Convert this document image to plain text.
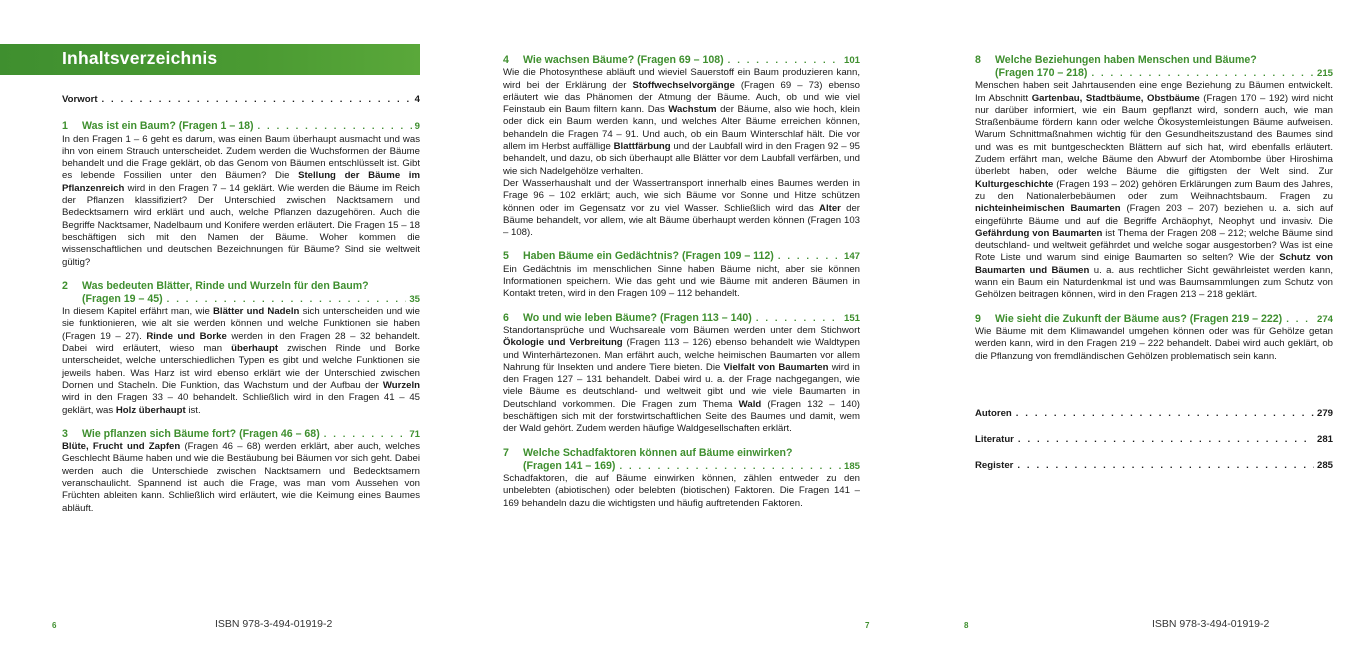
Inhaltsverzeichnis
Vorwort . . .	4
1 Was ist ein Baum? (Fragen 1 – 18) . . .	9
In den Fragen 1 – 6 geht es darum, was einen Baum überhaupt ausmacht und was ihn von einem Strauch unterscheidet. Zudem werden die Wuchsformen der Bäume behandelt und die Frage geklärt, ob das Genom von Bäumen entschlüsselt ist. Gibt es lebende Fossilien unter den Bäumen? Die Stellung der Bäume im Pflanzenreich wird in den Fragen 7 – 14 geklärt. Wie werden die Bäume im Reich der Pflanzen klassifiziert? Der Unterschied zwischen Nacktsamern und Bedecktsamern wird erklärt und auch, welche Pflanzen dazugehören. Auch die Begriffe Nacktsamer, Nadelbaum und Konifere werden erläutert. Die Fragen 15 – 18 beschäftigen sich mit den Namen der Bäume. Woher kommen die wissenschaftlichen und deutschen Bezeichnungen für Bäume? Sind sie weltweit gültig?
2 Was bedeuten Blätter, Rinde und Wurzeln für den Baum?
(Fragen 19 – 45) . . .	35
In diesem Kapitel erfährt man, wie Blätter und Nadeln sich unterscheiden und wie sie funktionieren, wie alt sie werden können und welche Funktionen sie haben (Fragen 19 – 27). Rinde und Borke werden in den Fragen 28 – 32 behandelt. Dabei wird erläutert, wieso man überhaupt zwischen Rinde und Borke unterscheidet, welche unterschiedlichen Typen es gibt und welche Funktionen sie jeweils haben. Was Harz ist wird ebenso erklärt wie der Unterschied zwischen Dornen und Stacheln. Die Funktion, das Wachstum und der Aufbau der Wurzeln wird in den Fragen 33 – 40 behandelt. Schließlich wird in den Fragen 41 – 45 geklärt, was Holz überhaupt ist.
3 Wie pflanzen sich Bäume fort? (Fragen 46 – 68) . . .	71
Blüte, Frucht und Zapfen (Fragen 46 – 68) werden erklärt, aber auch, welches Geschlecht Bäume haben und wie die Bestäubung bei Bäumen vor sich geht. Dabei werden auch die Unterschiede zwischen Nacktsamern und Bedecktsamern veranschaulicht. Spannend ist auch die Frage, was man vom Aussehen von Früchten ableiten kann. Schließlich wird erläutert, wie die Keimung eines Baumes abläuft.
4 Wie wachsen Bäume? (Fragen 69 – 108) . . .	101
Wie die Photosynthese abläuft und wieviel Sauerstoff ein Baum produzieren kann, wird bei der Erklärung der Stoffwechselvorgänge (Fragen 69 – 73) ebenso erläutert wie das Phänomen der Atmung der Bäume. Auch, ob und wie viel Feinstaub ein Baum filtern kann. Das Wachstum der Bäume, also wie hoch, klein oder dick ein Baum werden kann, und welches Alter Bäume erreichen können, behandeln die Fragen 74 – 91. Und auch, ob ein Baum Winterschlaf hält. Die vor allem im Herbst auffällige Blattfärbung und der Laubfall wird in den Fragen 92 – 95 behandelt, und dazu, ob sich überhaupt alle Blätter vor dem Laubfall verfärben, und wie sich Nadelgehölze verhalten.
Der Wasserhaushalt und der Wassertransport innerhalb eines Baumes werden in Frage 96 – 102 erklärt; auch, wie sich Bäume vor Sonne und Hitze schützen können oder im Gegensatz vor zu viel Wasser. Schließlich wird das Alter der Bäume behandelt, vor allem, wie alt Bäume überhaupt werden können (Fragen 103 – 108).
5 Haben Bäume ein Gedächtnis? (Fragen 109 – 112) . . .	147
Ein Gedächtnis im menschlichen Sinne haben Bäume nicht, aber sie können Informationen speichern. Wie das geht und wie Bäume mit anderen Bäumen in Kontakt treten, wird in den Fragen 109 – 112 behandelt.
6 Wo und wie leben Bäume? (Fragen 113 – 140) . . .	151
Standortansprüche und Wuchsareale vom Bäumen werden unter dem Stichwort Ökologie und Verbreitung (Fragen 113 – 126) ebenso behandelt wie Waldtypen und Winterhärtezonen. Man erfährt auch, welche heimischen Baumarten vor allem Nahrung für Insekten und andere Tiere bieten. Die Vielfalt von Baumarten wird in den Fragen 127 – 131 behandelt. Dabei wird u. a. der Frage nachgegangen, wie viele Bäume es deutschland- und weltweit gibt und wie viele Baumarten in Deutschland vorkommen. Die Fragen zum Thema Wald (Fragen 132 – 140) beschäftigen sich mit der forstwirtschaftlichen Seite des Baumes und damit, wem der Wald gehört. Zudem werden häufige Waldgesellschaften erklärt.
7 Welche Schadfaktoren können auf Bäume einwirken?
(Fragen 141 – 169) . . .	185
Schadfaktoren, die auf Bäume einwirken können, zählen entweder zu den unbelebten (abiotischen) oder belebten (biotischen) Faktoren. Die Fragen 141 – 169 behandeln dazu die wichtigsten und häufig auftretenden Faktoren.
8 Welche Beziehungen haben Menschen und Bäume?
(Fragen 170 – 218) . . .	215
Menschen haben seit Jahrtausenden eine enge Beziehung zu Bäumen entwickelt. Im Abschnitt Gartenbau, Stadtbäume, Obstbäume (Fragen 170 – 192) wird nicht nur darüber informiert, wie ein Baum gepflanzt wird, sondern auch, wie man Straßenbäume fördern kann oder welche Ökosystemleistungen Bäume aufweisen. Warum Schnittmaßnahmen wichtig für den Gesundheitszustand des Baumes sind und was es mit buntgescheckten Blättern auf sich hat, wird ebenfalls erläutert. Zudem erfährt man, welche Bäume den Abwurf der Atombombe über Hiroshima überlebt haben, oder welche Bäume die giftigsten der Welt sind. Zur Kulturgeschichte (Fragen 193 – 202) gehören Erklärungen zum Baum des Jahres, zu den Nationalerbebäumen oder zum Weihnachtsbaum. Fragen zu nichteinheimischen Baumarten (Fragen 203 – 207) beziehen u. a. sich auf eingeführte Bäume und auf die Begriffe Archäophyt, Neophyt und invasiv. Die Gefährdung von Baumarten ist Thema der Fragen 208 – 212; welche Bäume sind deutschland- und weltweit gefährdet und welche sogar ausgestorben? Was ist eine Rote Liste und warum sind einige Baumarten so selten? Wie der Schutz von Baumarten und Bäumen u. a. aus rechtlicher Sicht gewährleistet werden kann, wann ein Baum ein Naturdenkmal ist und was Baumsammlungen zum Schutz von Gehölzen beitragen können, wird in den Fragen 213 – 218 geklärt.
9 Wie sieht die Zukunft der Bäume aus? (Fragen 219 – 222) . . .	274
Wie Bäume mit dem Klimawandel umgehen können oder was für Gehölze getan werden kann, wird in den Fragen 219 – 222 behandelt. Dabei wird auch geklärt, ob die Pflanzung von fremdländischen Gehölzen problematisch sein kann.
Autoren . . .	279
Literatur . . .	281
Register . . .	285
6	ISBN 978-3-494-01919-2	7	8	ISBN 978-3-494-01919-2
